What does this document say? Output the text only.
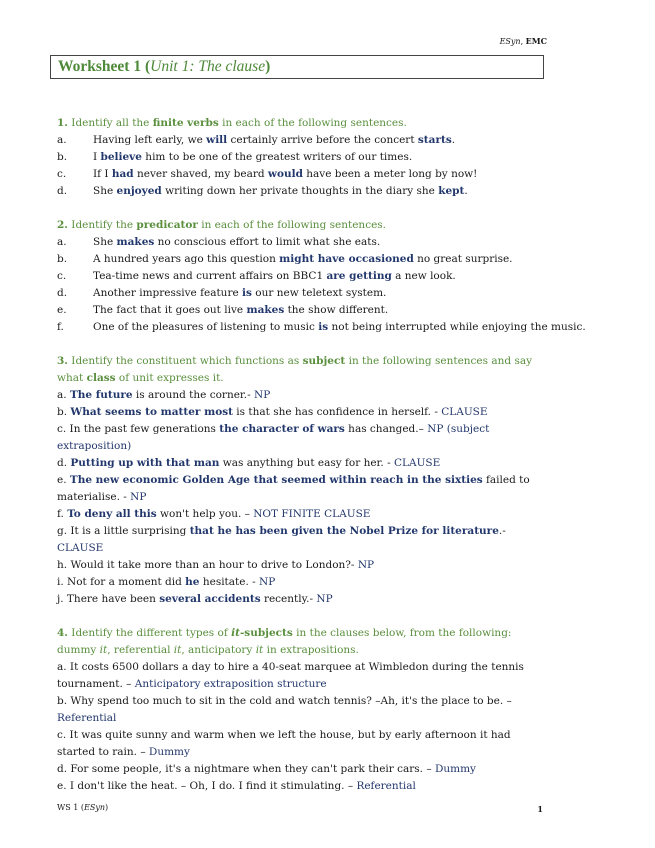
ESyn, EMC
Worksheet 1 (Unit 1: The clause)

1. Identify all the finite verbs in each of the following sentences.

a.	Having left early, we will certainly arrive before the concert starts.

b. I believe him to be one of the greatest writers of our times.

c.	If I had never shaved, my beard would have been a meter long by now!

d. She enjoyed writing down her private thoughts in the diary she kept.

2. Identify the predicator in each of the following sentences.

a.	She makes no conscious effort to limit what she eats.

b. A hundred years ago this question might have occasioned no great surprise.

c.	Tea-time news and current affairs on BBC1 are getting a new look.

d. Another impressive feature is our new teletext system.

e.	The fact that it goes out live makes the show different.

f.	One of the pleasures of listening to music is not being interrupted while enjoying the music.

3. Identify the constituent which functions as subject in the following sentences and say what class of unit expresses it.

a. The future is around the corner.- NP

b. What seems to matter most is that she has confidence in herself. - CLAUSE

c. In the past few generations the character of wars has changed.– NP (subject extraposition)

d. Putting up with that man was anything but easy for her. - CLAUSE

e. The new economic Golden Age that seemed within reach in the sixties failed to materialise. - NP

f. To deny all this won't help you. – NOT FINITE CLAUSE

g. It is a little surprising that he has been given the Nobel Prize for literature.- CLAUSE

h. Would it take more than an hour to drive to London?- NP

i. Not for a moment did he hesitate. - NP

j. There have been several accidents recently.- NP

4. Identify the different types of it-subjects in the clauses below, from the following: dummy it, referential it, anticipatory it in extrapositions.

a. It costs 6500 dollars a day to hire a 40-seat marquee at Wimbledon during the tennis tournament. – Anticipatory extraposition structure

b. Why spend too much to sit in the cold and watch tennis? –Ah, it's the place to be. – Referential

c. It was quite sunny and warm when we left the house, but by early afternoon it had started to rain. – Dummy

d. For some people, it's a nightmare when they can't park their cars. – Dummy

e. I don't like the heat. – Oh, I do. I find it stimulating. – Referential

WS 1 (ESyn)	1
